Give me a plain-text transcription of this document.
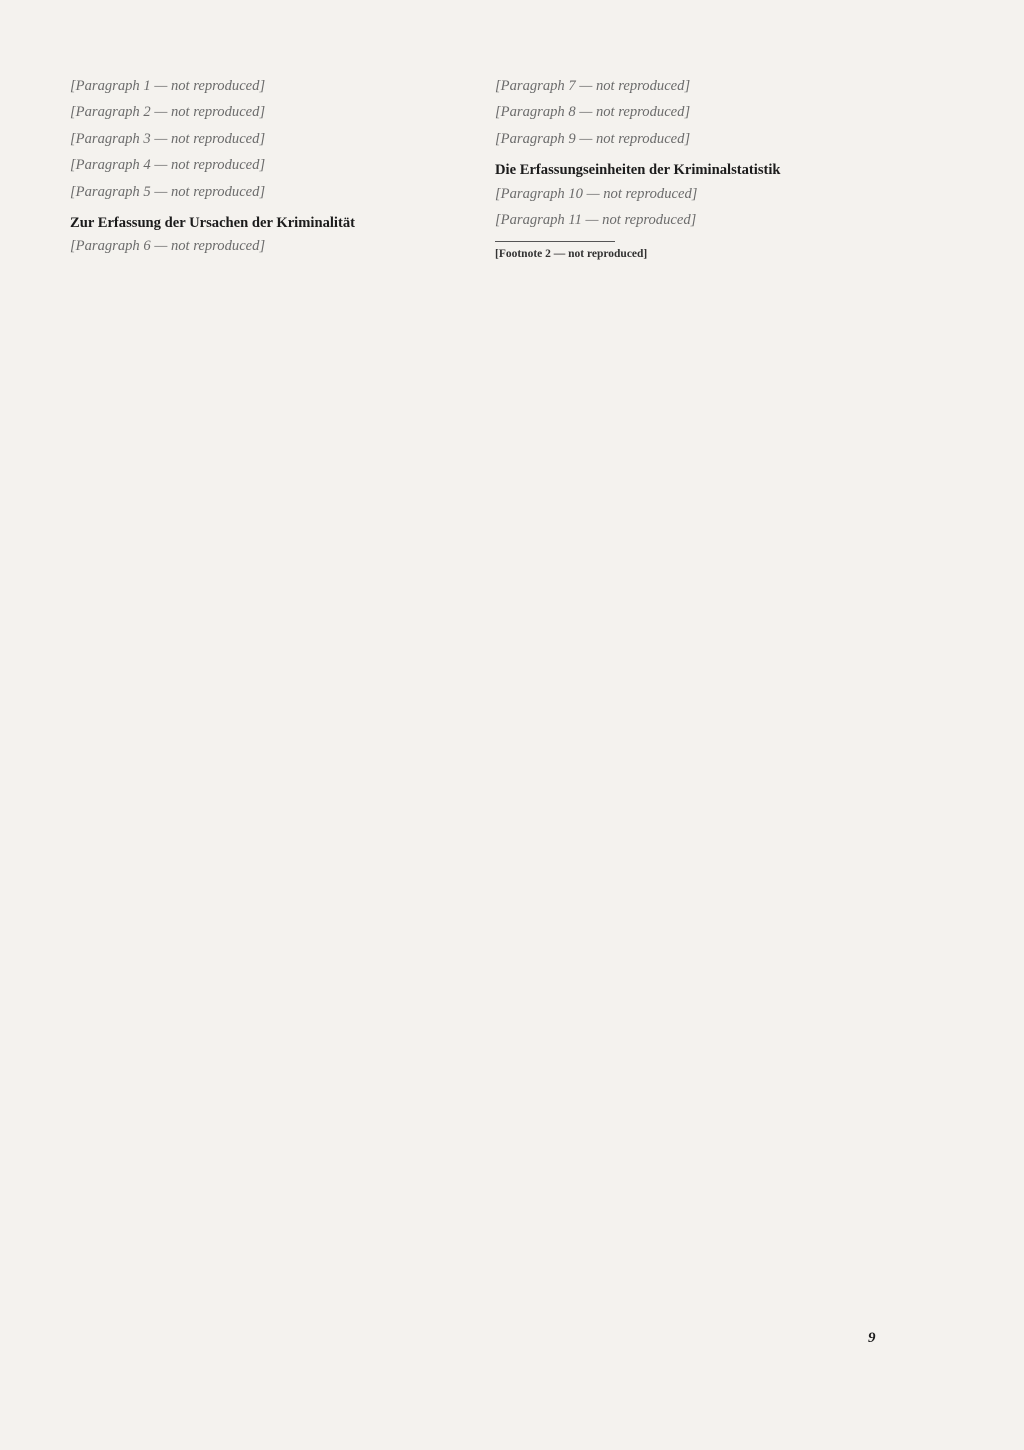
[Paragraph 1 — not reproduced]

[Paragraph 2 — not reproduced]

[Paragraph 3 — not reproduced]

[Paragraph 4 — not reproduced]

[Paragraph 5 — not reproduced]

Zur Erfassung der Ursachen der Kriminalität

[Paragraph 6 — not reproduced]

[Paragraph 7 — not reproduced]

[Paragraph 8 — not reproduced]

[Paragraph 9 — not reproduced]

Die Erfassungseinheiten der Kriminalstatistik

[Paragraph 10 — not reproduced]

[Paragraph 11 — not reproduced]

[Footnote 2 — not reproduced]
9
